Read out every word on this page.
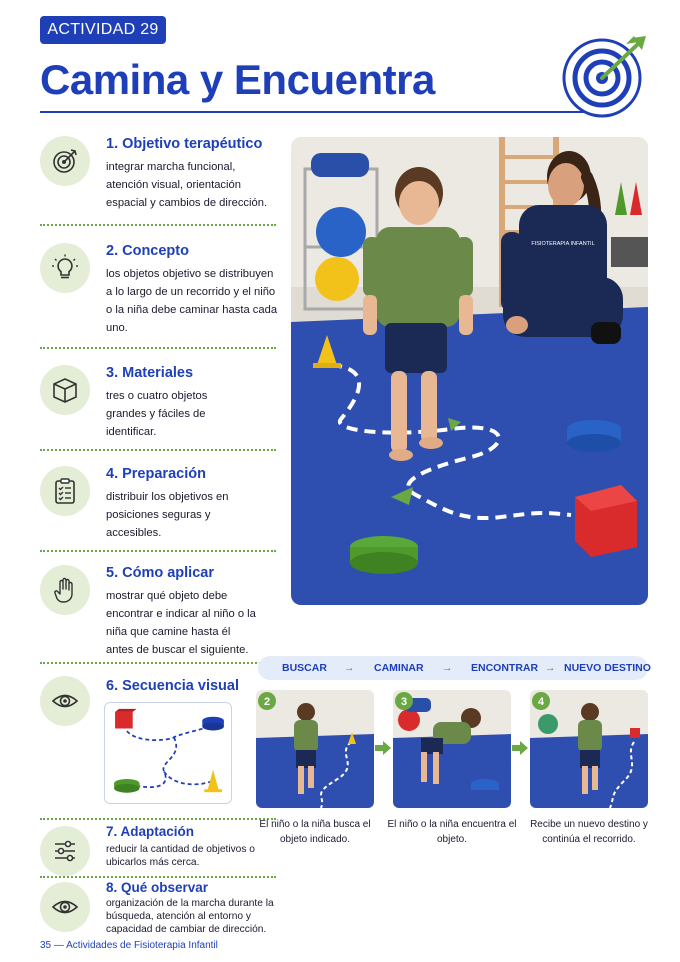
ACTIVIDAD 29
Camina y Encuentra
1. Objetivo terapéutico

integrar marcha funcional, atención visual, orientación espacial y cambios de dirección.

2. Concepto

los objetos objetivo se distribuyen a lo largo de un recorrido y el niño o la niña debe caminar hasta cada uno.

3. Materiales

tres o cuatro objetos grandes y fáciles de identificar.

4. Preparación

distribuir los objetivos en posiciones seguras y accesibles.

5. Cómo aplicar

mostrar qué objeto debe encontrar e indicar al niño o la niña que camine hasta él antes de buscar el siguiente.

6. Secuencia visual
7. Adaptación

reducir la cantidad de objetivos o ubicarlos más cerca.

8. Qué observar

organización de la marcha durante la búsqueda, atención al entorno y capacidad de cambiar de dirección.

FISIOTERAPIA INFANTIL
BUSCAR → CAMINAR → ENCONTRAR → NUEVO DESTINO
2	3	4
El niño o la niña busca el objeto indicado.
El niño o la niña encuentra el objeto.
Recibe un nuevo destino y continúa el recorrido.
35 — Actividades de Fisioterapia Infantil
